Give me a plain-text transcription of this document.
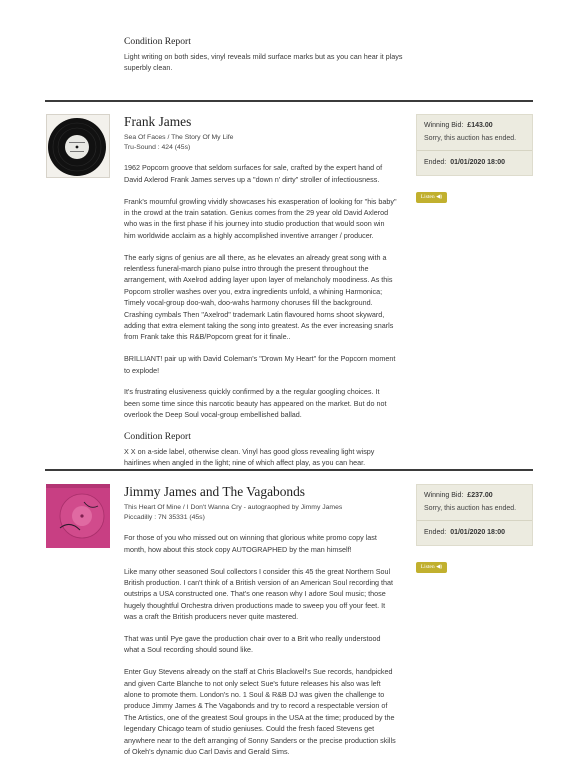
Condition Report
Light writing on both sides, vinyl reveals mild surface marks but as you can hear it plays superbly clean.
Frank James
Sea Of Faces / The Story Of My Life
Tru-Sound : 424 (45s)

1962 Popcorn groove that seldom surfaces for sale, crafted by the expert hand of David Axlerod Frank James serves up a "down n' dirty" stroller of infectiousness.

Frank's mournful growling vividly showcases his exasperation of looking for "his baby" in the crowd at the train satation. Genius comes from the 29 year old David Axlerod who was in the first phase if his journey into studio production that would soon win him worldwide acclaim as a highly accomplished inventive arranger / producer.

The early signs of genius are all there, as he elevates an already great song with a relentless funeral-march piano pulse intro through the present throughout the arrangement, with Axelrod adding layer upon layer of melancholy moodiness. As this Popcorn stroller washes over you, extra ingredients unfold, a whining Harmonica; Timely vocal-group doo-wah, doo-wahs harmony choruses fill the background. Crashing cymbals Then "Axelrod" trademark Latin flavoured horns shoot skyward, adding that extra element taking the song into greatest. As the ever increasing snarls from Frank take this R&B/Popcorn great for it finale..

BRILLIANT! pair up with David Coleman's "Drown My Heart" for the Popcorn moment to explode!

It's frustrating elusiveness quickly confirmed by a the regular googling choices. It been some time since this narcotic beauty has appeared on the market. But do not overlook the Deep Soul vocal-group embellished ballad.

Condition Report
X X on a-side label, otherwise clean. Vinyl has good gloss revealing light wispy hairlines when angled in the light; nine of which affect play, as you can hear.
Winning Bid: £143.00
Sorry, this auction has ended.
Ended: 01/01/2020 18:00
Listen ◀)
Jimmy James and The Vagabonds
This Heart Of Mine / I Don't Wanna Cry - autograophed by Jimmy James
Piccadilly : 7N 35331 (45s)

For those of you who missed out on winning that glorious white promo copy last month, how about this stock copy AUTOGRAPHED by the man himself!

Like many other seasoned Soul collectors I consider this 45 the great Northern Soul British production. I can't think of a British version of an American Soul recording that outstrips a USA constructed one. That's one reason why I adore Soul music; those hugely thoughtful Orchestra driven productions made to sweep you off your feet. It was a craft the British producers never quite mastered.

That was until Pye gave the production chair over to a Brit who really understood what a Soul recording should sound like.

Enter Guy Stevens already on the staff at Chris Blackwell's Sue records, handpicked and given Carte Blanche to not only select Sue's future releases his also was left alone to promote them. London's no. 1 Soul & R&B DJ was given the challenge to produce Jimmy James & The Vagabonds and try to record a respectable version of The Artistics, one of the greatest Soul groups in the USA at the time; produced by the legendary Chicago team of studio geniuses. Could the fresh faced Stevens get anywhere near to the deft arranging of Sonny Sanders or the precise production skills of Okeh's dynamic duo Carl Davis and Gerald Sims.

Winning Bid: £237.00
Sorry, this auction has ended.
Ended: 01/01/2020 18:00
Listen ◀)
